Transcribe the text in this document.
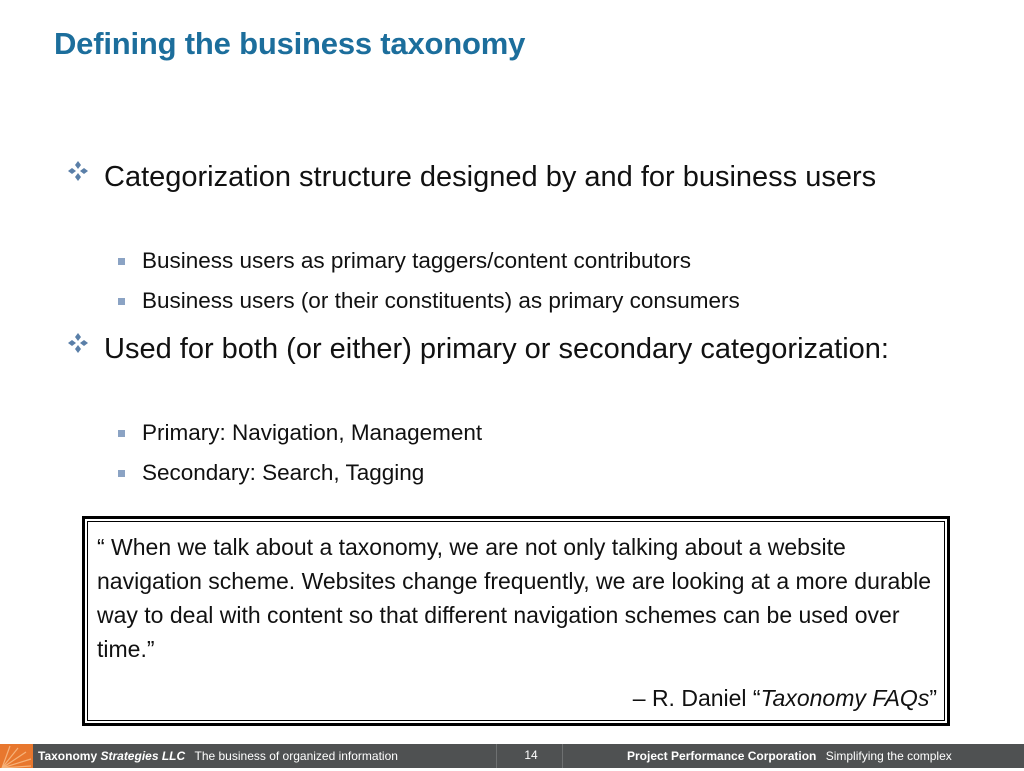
Defining the business taxonomy
Categorization structure designed by and for business users
Business users as primary taggers/content contributors
Business users (or their constituents) as primary consumers
Used for both (or either) primary or secondary categorization:
Primary: Navigation, Management
Secondary: Search, Tagging
“ When we talk about a taxonomy, we are not only talking about a website navigation scheme. Websites change frequently, we are looking at a more durable way to deal with content so that different navigation schemes can be used over time.”
– R. Daniel “Taxonomy FAQs”
Taxonomy Strategies LLC The business of organized information	14	Project Performance Corporation Simplifying the complex
